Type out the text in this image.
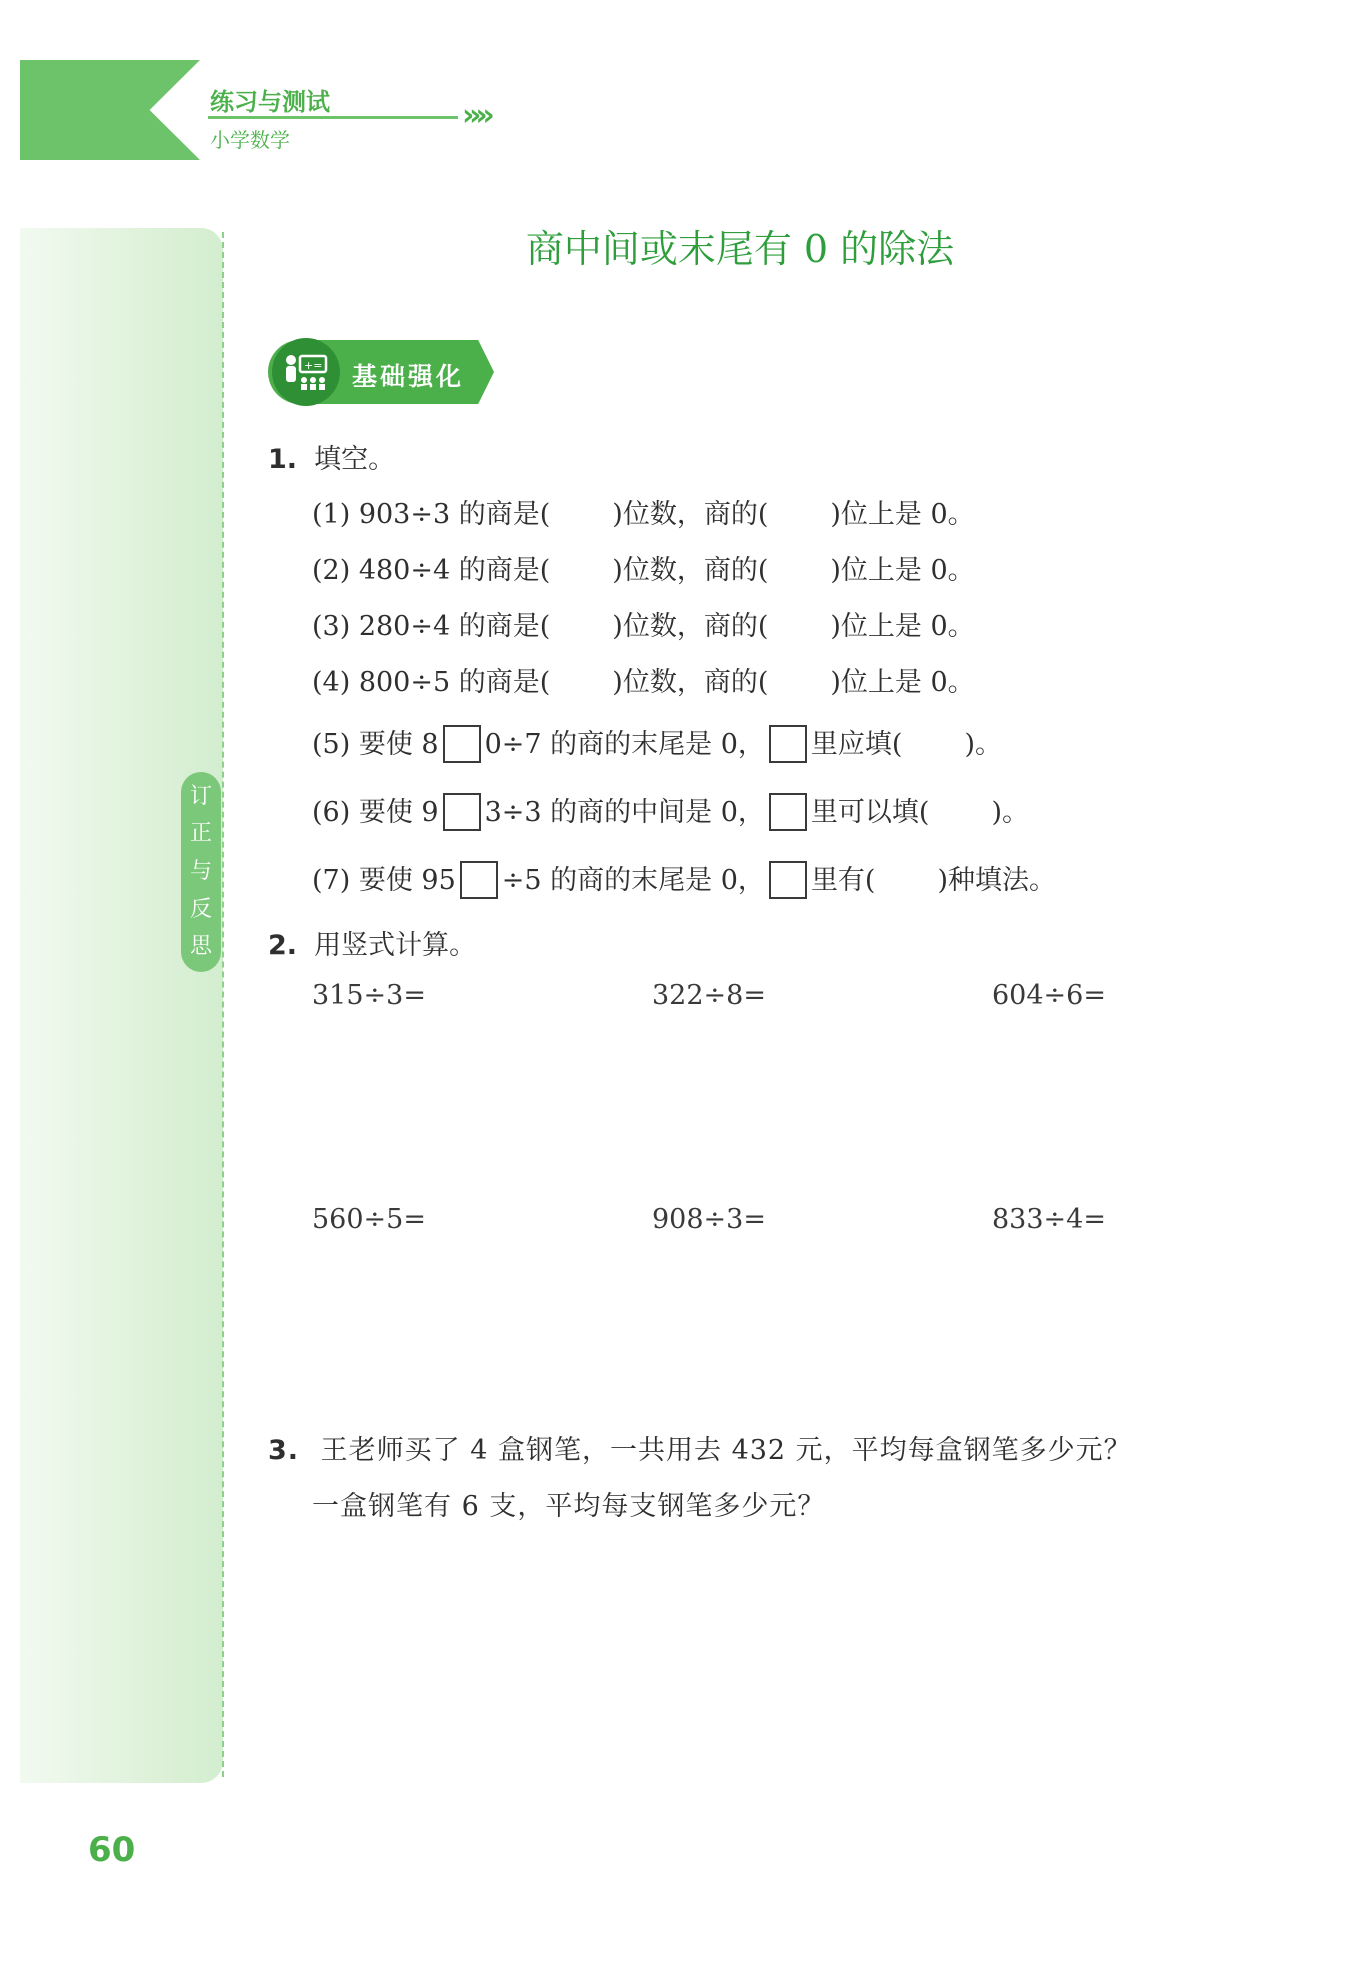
练习与测试	»»
小学数学
订
正
与
反
思
商中间或末尾有 0 的除法
+= 基础强化
1. 填空。
(1) 903÷3 的商是( )位数，商的( )位上是 0。
(2) 480÷4 的商是( )位数，商的( )位上是 0。
(3) 280÷4 的商是( )位数，商的( )位上是 0。
(4) 800÷5 的商是( )位数，商的( )位上是 0。
(5) 要使 8 0÷7 的商的末尾是 0， 里应填( )。
(6) 要使 9 3÷3 的商的中间是 0， 里可以填( )。
(7) 要使 95 ÷5 的商的末尾是 0， 里有( )种填法。
2. 用竖式计算。
315÷3=	322÷8=	604÷6=
560÷5=	908÷3=	833÷4=
3. 王老师买了 4 盒钢笔，一共用去 432 元，平均每盒钢笔多少元？
一盒钢笔有 6 支，平均每支钢笔多少元？
60
